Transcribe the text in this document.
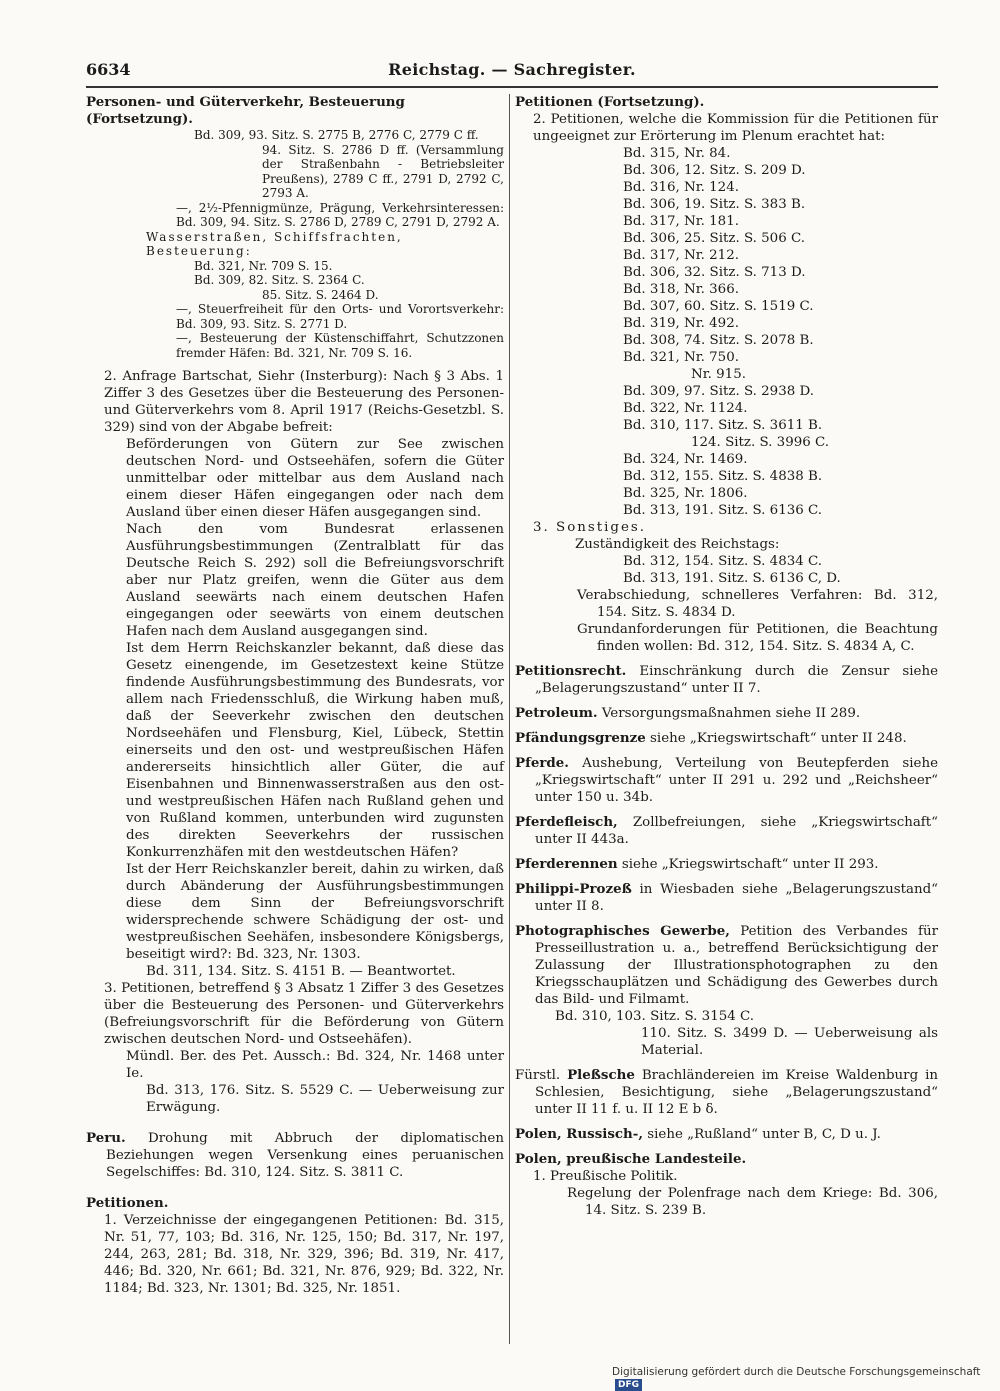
6634	Reichstag. — Sachregister.

Personen- und Güterverkehr, Besteuerung (Fortsetzung).

Bd. 309, 93. Sitz. S. 2775 B, 2776 C, 2779 C ff.

94. Sitz. S. 2786 D ff. (Versammlung der Straßenbahn - Betriebsleiter Preußens), 2789 C ff., 2791 D, 2792 C, 2793 A.

—, 2½-Pfennigmünze, Prägung, Verkehrsinteressen: Bd. 309, 94. Sitz. S. 2786 D, 2789 C, 2791 D, 2792 A.

Wasserstraßen, Schiffsfrachten, Besteuerung:

Bd. 321, Nr. 709 S. 15.

Bd. 309, 82. Sitz. S. 2364 C.

85. Sitz. S. 2464 D.

—, Steuerfreiheit für den Orts- und Vorortsverkehr: Bd. 309, 93. Sitz. S. 2771 D.

—, Besteuerung der Küstenschiffahrt, Schutzzonen fremder Häfen: Bd. 321, Nr. 709 S. 16.

2. Anfrage Bartschat, Siehr (Insterburg): Nach § 3 Abs. 1 Ziffer 3 des Gesetzes über die Besteuerung des Personen- und Güterverkehrs vom 8. April 1917 (Reichs-Gesetzbl. S. 329) sind von der Abgabe befreit:

Beförderungen von Gütern zur See zwischen deutschen Nord- und Ostseehäfen, sofern die Güter unmittelbar oder mittelbar aus dem Ausland nach einem dieser Häfen eingegangen oder nach dem Ausland über einen dieser Häfen ausgegangen sind.

Nach den vom Bundesrat erlassenen Ausführungsbestimmungen (Zentralblatt für das Deutsche Reich S. 292) soll die Befreiungsvorschrift aber nur Platz greifen, wenn die Güter aus dem Ausland seewärts nach einem deutschen Hafen eingegangen oder seewärts von einem deutschen Hafen nach dem Ausland ausgegangen sind.

Ist dem Herrn Reichskanzler bekannt, daß diese das Gesetz einengende, im Gesetzestext keine Stütze findende Ausführungsbestimmung des Bundesrats, vor allem nach Friedensschluß, die Wirkung haben muß, daß der Seeverkehr zwischen den deutschen Nordseehäfen und Flensburg, Kiel, Lübeck, Stettin einerseits und den ost- und westpreußischen Häfen andererseits hinsichtlich aller Güter, die auf Eisenbahnen und Binnenwasserstraßen aus den ost- und westpreußischen Häfen nach Rußland gehen und von Rußland kommen, unterbunden wird zugunsten des direkten Seeverkehrs der russischen Konkurrenzhäfen mit den westdeutschen Häfen?

Ist der Herr Reichskanzler bereit, dahin zu wirken, daß durch Abänderung der Ausführungsbestimmungen diese dem Sinn der Befreiungsvorschrift widersprechende schwere Schädigung der ost- und westpreußischen Seehäfen, insbesondere Königsbergs, beseitigt wird?: Bd. 323, Nr. 1303.

Bd. 311, 134. Sitz. S. 4151 B. — Beantwortet.

3. Petitionen, betreffend § 3 Absatz 1 Ziffer 3 des Gesetzes über die Besteuerung des Personen- und Güterverkehrs (Befreiungsvorschrift für die Beförderung von Gütern zwischen deutschen Nord- und Ostseehäfen).

Mündl. Ber. des Pet. Aussch.: Bd. 324, Nr. 1468 unter Ie.

Bd. 313, 176. Sitz. S. 5529 C. — Ueberweisung zur Erwägung.

Peru. Drohung mit Abbruch der diplomatischen Beziehungen wegen Versenkung eines peruanischen Segelschiffes: Bd. 310, 124. Sitz. S. 3811 C.

Petitionen.

1. Verzeichnisse der eingegangenen Petitionen: Bd. 315, Nr. 51, 77, 103; Bd. 316, Nr. 125, 150; Bd. 317, Nr. 197, 244, 263, 281; Bd. 318, Nr. 329, 396; Bd. 319, Nr. 417, 446; Bd. 320, Nr. 661; Bd. 321, Nr. 876, 929; Bd. 322, Nr. 1184; Bd. 323, Nr. 1301; Bd. 325, Nr. 1851.

Petitionen (Fortsetzung).

2. Petitionen, welche die Kommission für die Petitionen für ungeeignet zur Erörterung im Plenum erachtet hat:

Bd. 315, Nr. 84.

Bd. 306, 12. Sitz. S. 209 D.

Bd. 316, Nr. 124.

Bd. 306, 19. Sitz. S. 383 B.

Bd. 317, Nr. 181.

Bd. 306, 25. Sitz. S. 506 C.

Bd. 317, Nr. 212.

Bd. 306, 32. Sitz. S. 713 D.

Bd. 318, Nr. 366.

Bd. 307, 60. Sitz. S. 1519 C.

Bd. 319, Nr. 492.

Bd. 308, 74. Sitz. S. 2078 B.

Bd. 321, Nr. 750.

Nr. 915.

Bd. 309, 97. Sitz. S. 2938 D.

Bd. 322, Nr. 1124.

Bd. 310, 117. Sitz. S. 3611 B.

124. Sitz. S. 3996 C.

Bd. 324, Nr. 1469.

Bd. 312, 155. Sitz. S. 4838 B.

Bd. 325, Nr. 1806.

Bd. 313, 191. Sitz. S. 6136 C.

3. Sonstiges.

Zuständigkeit des Reichstags:

Bd. 312, 154. Sitz. S. 4834 C.

Bd. 313, 191. Sitz. S. 6136 C, D.

Verabschiedung, schnelleres Verfahren: Bd. 312, 154. Sitz. S. 4834 D.

Grundanforderungen für Petitionen, die Beachtung finden wollen: Bd. 312, 154. Sitz. S. 4834 A, C.

Petitionsrecht. Einschränkung durch die Zensur siehe „Belagerungszustand“ unter II 7.

Petroleum. Versorgungsmaßnahmen siehe II 289.

Pfändungsgrenze siehe „Kriegswirtschaft“ unter II 248.

Pferde. Aushebung, Verteilung von Beutepferden siehe „Kriegswirtschaft“ unter II 291 u. 292 und „Reichsheer“ unter 150 u. 34b.

Pferdefleisch, Zollbefreiungen, siehe „Kriegswirtschaft“ unter II 443a.

Pferderennen siehe „Kriegswirtschaft“ unter II 293.

Philippi-Prozeß in Wiesbaden siehe „Belagerungszustand“ unter II 8.

Photographisches Gewerbe, Petition des Verbandes für Presseillustration u. a., betreffend Berücksichtigung der Zulassung der Illustrationsphotographen zu den Kriegsschauplätzen und Schädigung des Gewerbes durch das Bild- und Filmamt.

Bd. 310, 103. Sitz. S. 3154 C.

110. Sitz. S. 3499 D. — Ueberweisung als Material.

Fürstl. Pleßsche Brachländereien im Kreise Waldenburg in Schlesien, Besichtigung, siehe „Belagerungszustand“ unter II 11 f. u. II 12 E b δ.

Polen, Russisch-, siehe „Rußland“ unter B, C, D u. J.

Polen, preußische Landesteile.

1. Preußische Politik.

Regelung der Polenfrage nach dem Kriege: Bd. 306, 14. Sitz. S. 239 B.

Digitalisierung gefördert durch die Deutsche Forschungsgemeinschaft DFG
